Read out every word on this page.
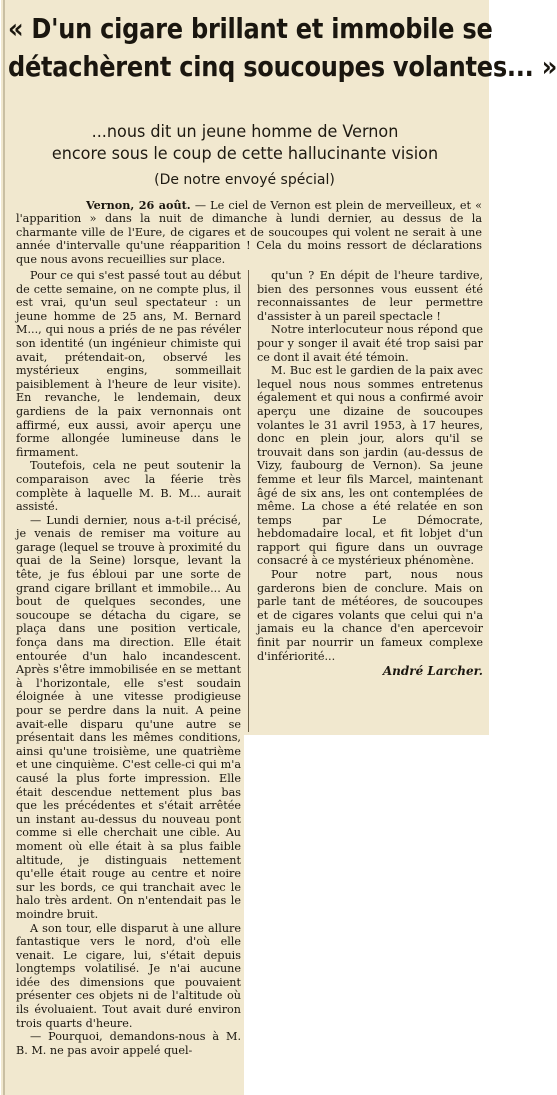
« D'un cigare brillant et immobile se
détachèrent cinq soucoupes volantes... »
...nous dit un jeune homme de Vernon
encore sous le coup de cette hallucinante vision
(De notre envoyé spécial)
Vernon, 26 août. — Le ciel de Vernon est plein de merveilleux, et « l'apparition » dans la nuit de dimanche à lundi dernier, au dessus de la charmante ville de l'Eure, de cigares et de soucoupes qui volent ne serait à une année d'intervalle qu'une réapparition ! Cela du moins ressort de déclarations que nous avons recueillies sur place.

Pour ce qui s'est passé tout au début de cette semaine, on ne compte plus, il est vrai, qu'un seul spectateur : un jeune homme de 25 ans, M. Bernard M..., qui nous a priés de ne pas révéler son identité (un ingénieur chimiste qui avait, prétendait-on, observé les mystérieux engins, sommeillait paisiblement à l'heure de leur visite). En revanche, le lendemain, deux gardiens de la paix vernonnais ont affirmé, eux aussi, avoir aperçu une forme allongée lumineuse dans le firmament.

Toutefois, cela ne peut soutenir la comparaison avec la féerie très complète à laquelle M. B. M... aurait assisté.

— Lundi dernier, nous a-t-il précisé, je venais de remiser ma voiture au garage (lequel se trouve à proximité du quai de la Seine) lorsque, levant la tête, je fus ébloui par une sorte de grand cigare brillant et immobile... Au bout de quelques secondes, une soucoupe se détacha du cigare, se plaça dans une position verticale, fonça dans ma direction. Elle était entourée d'un halo incandescent. Après s'être immobilisée en se mettant à l'horizontale, elle s'est soudain éloignée à une vitesse prodigieuse pour se perdre dans la nuit. A peine avait-elle disparu qu'une autre se présentait dans les mêmes conditions, ainsi qu'une troisième, une quatrième et une cinquième. C'est celle-ci qui m'a causé la plus forte impression. Elle était descendue nettement plus bas que les précédentes et s'était arrêtée un instant au-dessus du nouveau pont comme si elle cherchait une cible. Au moment où elle était à sa plus faible altitude, je distinguais nettement qu'elle était rouge au centre et noire sur les bords, ce qui tranchait avec le halo très ardent. On n'entendait pas le moindre bruit.

A son tour, elle disparut à une allure fantastique vers le nord, d'où elle venait. Le cigare, lui, s'était depuis longtemps volatilisé. Je n'ai aucune idée des dimensions que pouvaient présenter ces objets ni de l'altitude où ils évoluaient. Tout avait duré environ trois quarts d'heure.

— Pourquoi, demandons-nous à M. B. M. ne pas avoir appelé quel-

qu'un ? En dépit de l'heure tardive, bien des personnes vous eussent été reconnaissantes de leur permettre d'assister à un pareil spectacle !

Notre interlocuteur nous répond que pour y songer il avait été trop saisi par ce dont il avait été témoin.

M. Buc est le gardien de la paix avec lequel nous nous sommes entretenus également et qui nous a confirmé avoir aperçu une dizaine de soucoupes volantes le 31 avril 1953, à 17 heures, donc en plein jour, alors qu'il se trouvait dans son jardin (au-dessus de Vizy, faubourg de Vernon). Sa jeune femme et leur fils Marcel, maintenant âgé de six ans, les ont contemplées de même. La chose a été relatée en son temps par Le Démocrate, hebdomadaire local, et fit lobjet d'un rapport qui figure dans un ouvrage consacré à ce mystérieux phénomène.

Pour notre part, nous nous garderons bien de conclure. Mais on parle tant de météores, de soucoupes et de cigares volants que celui qui n'a jamais eu la chance d'en apercevoir finit par nourrir un fameux complexe d'infériorité...

André Larcher.
